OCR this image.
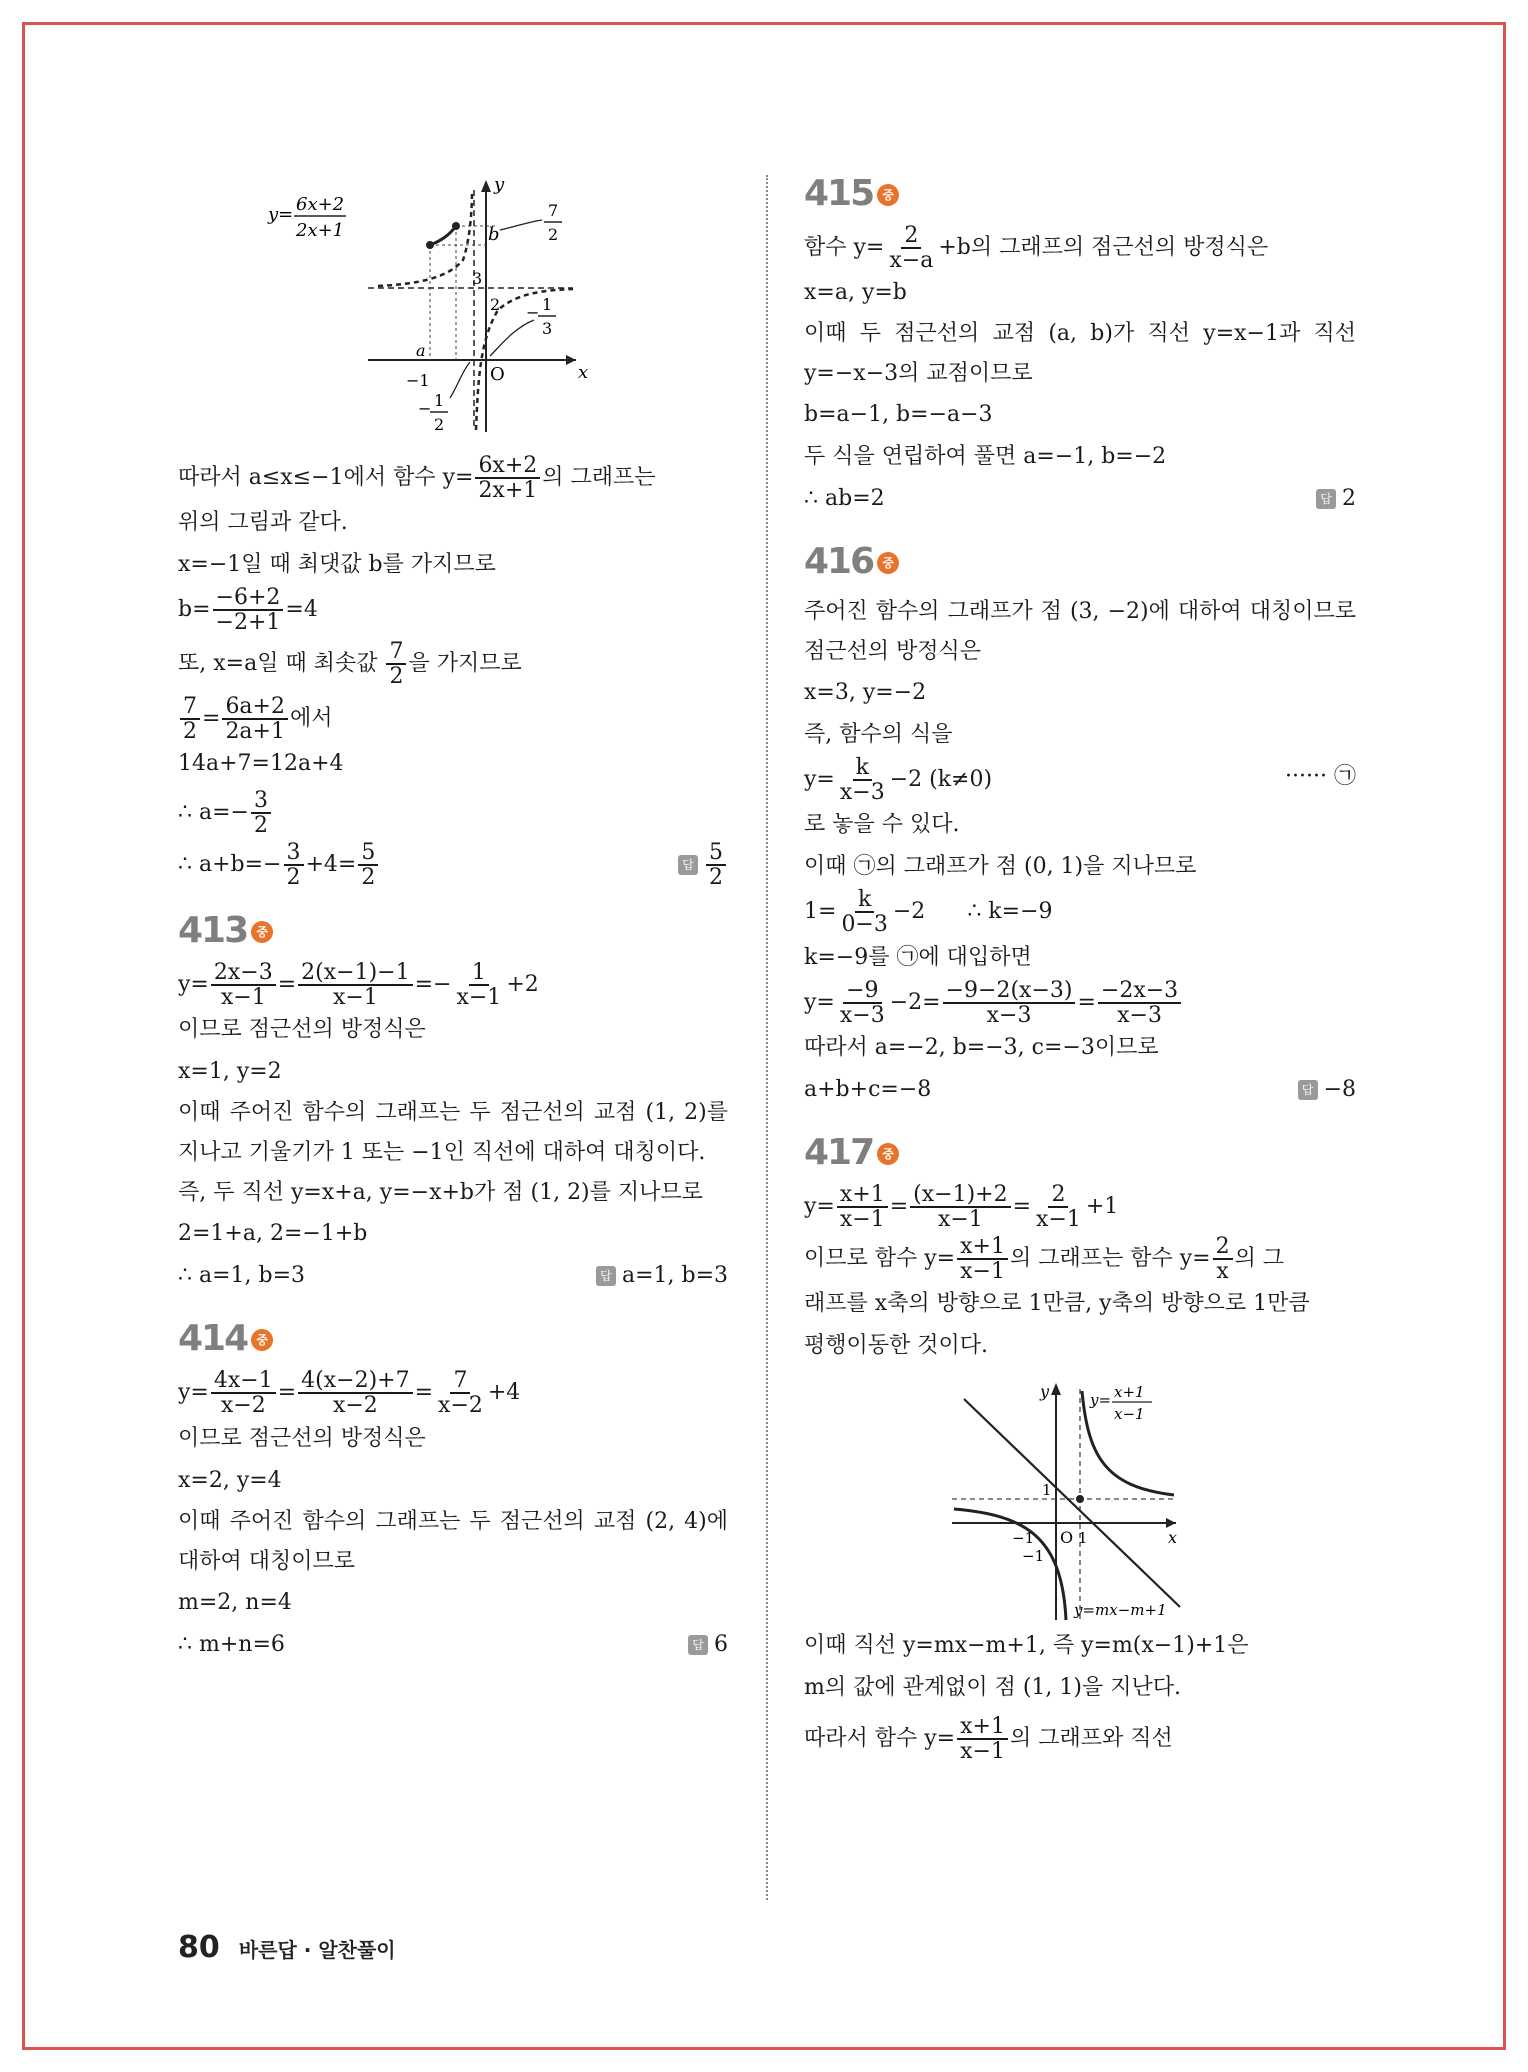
y= 6x+2
2x+1
y
x
O
b
3
2
a
−1
7
2
− 1
3
− 1
2
따라서 a≤x≤−1에서 함수 $y= \frac{6x+2}{2x+1}$ 의 그래프는
위의 그림과 같다.
x=−1일 때 최댓값 b를 가지므로
$b= \frac{-6+2}{-2+1} =4$
또, x=a일 때 최솟값 $\frac{7}{2}$ 을 가지므로
$\frac{7}{2} = \frac{6a+2}{2a+1}$ 에서
14a+7=12a+4
∴ $a=- \frac{3}{2}$
∴ $a+b=- \frac{3}{2} +4= \frac{5}{2}$	답 $\frac{5}{2}$
413 중
$y= \frac{2x-3}{x-1} = \frac{2(x-1)-1}{x-1} =- \frac{1}{x-1} +2$
이므로 점근선의 방정식은
x=1, y=2
이때 주어진 함수의 그래프는 두 점근선의 교점 (1, 2)를 지나고 기울기가 1 또는 −1인 직선에 대하여 대칭이다.
즉, 두 직선 y=x+a, y=−x+b가 점 (1, 2)를 지나므로
2=1+a, 2=−1+b
∴ a=1, b=3	답 a=1, b=3
414 중
$y= \frac{4x-1}{x-2} = \frac{4(x-2)+7}{x-2} = \frac{7}{x-2} +4$
이므로 점근선의 방정식은
x=2, y=4
이때 주어진 함수의 그래프는 두 점근선의 교점 (2, 4)에 대하여 대칭이므로
m=2, n=4
∴ m+n=6	답 6
415 중
함수 $y= \frac{2}{x-a} +b$의 그래프의 점근선의 방정식은
x=a, y=b
이때 두 점근선의 교점 (a, b)가 직선 y=x−1과 직선 y=−x−3의 교점이므로
b=a−1, b=−a−3
두 식을 연립하여 풀면 a=−1, b=−2
∴ ab=2	답 2
416 중
주어진 함수의 그래프가 점 (3, −2)에 대하여 대칭이므로 점근선의 방정식은
x=3, y=−2
즉, 함수의 식을
$y= \frac{k}{x-3} -2$ (k≠0)	······ ㉠
로 놓을 수 있다.
이때 ㉠의 그래프가 점 (0, 1)을 지나므로
$1= \frac{k}{0-3} -2$ ∴ k=−9
k=−9를 ㉠에 대입하면
$y= \frac{-9}{x-3} -2= \frac{-9-2(x-3)}{x-3} = \frac{-2x-3}{x-3}$
따라서 a=−2, b=−3, c=−3이므로
a+b+c=−8	답 −8
417 중
$y= \frac{x+1}{x-1} = \frac{(x-1)+2}{x-1} = \frac{2}{x-1} +1$
이므로 함수 $y= \frac{x+1}{x-1}$ 의 그래프는 함수 $y= \frac{2}{x}$ 의 그
래프를 x축의 방향으로 1만큼, y축의 방향으로 1만큼
평행이동한 것이다.
y
x
O
1
1
−1
−1
y= x+1
x−1
y=mx−m+1
이때 직선 y=mx−m+1, 즉 y=m(x−1)+1은
m의 값에 관계없이 점 (1, 1)을 지난다.
따라서 함수 $y= \frac{x+1}{x-1}$ 의 그래프와 직선
80 바른답 · 알찬풀이
